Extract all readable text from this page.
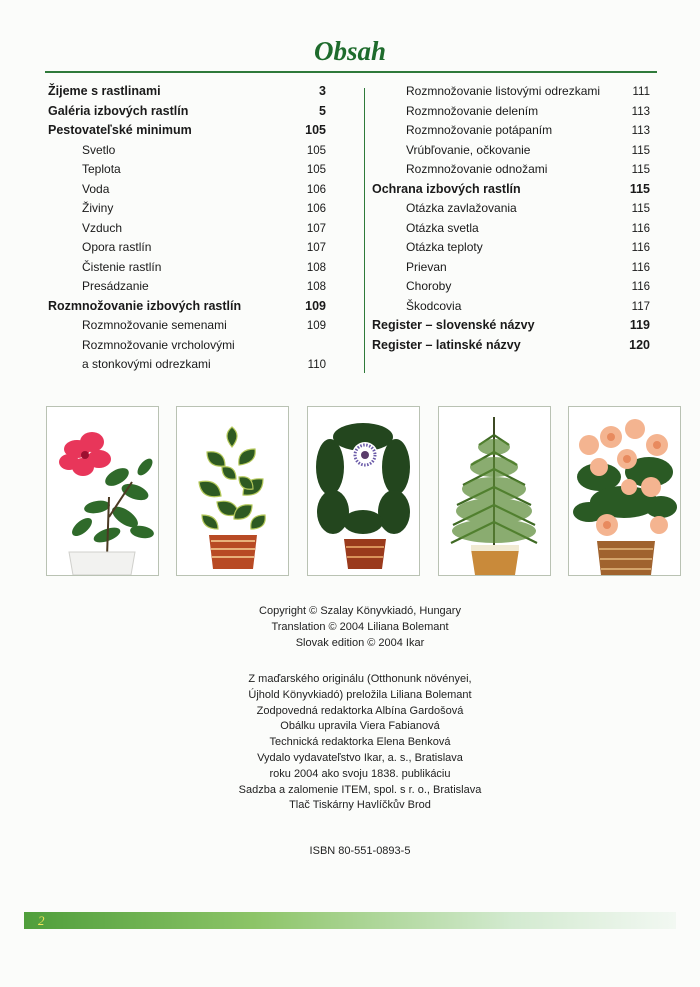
Obsah
Žijeme s rastlinami	3
Galéria izbových rastlín	5
Pestovateľské minimum	105
Svetlo	105
Teplota	105
Voda	106
Živiny	106
Vzduch	107
Opora rastlín	107
Čistenie rastlín	108
Presádzanie	108
Rozmnožovanie izbových rastlín	109
Rozmnožovanie semenami	109
Rozmnožovanie vrcholovými
a stonkovými odrezkami	110
Rozmnožovanie listovými odrezkami	111
Rozmnožovanie delením	113
Rozmnožovanie potápaním	113
Vrúbľovanie, očkovanie	115
Rozmnožovanie odnožami	115
Ochrana izbových rastlín	115
Otázka zavlažovania	115
Otázka svetla	116
Otázka teploty	116
Prievan	116
Choroby	116
Škodcovia	117
Register – slovenské názvy	119
Register – latinské názvy	120
Copyright © Szalay Könyvkiadó, Hungary
Translation © 2004 Liliana Bolemant
Slovak edition © 2004 Ikar
Z maďarského originálu (Otthonunk növényei,
Újhold Könyvkiadó) preložila Liliana Bolemant
Zodpovedná redaktorka Albína Gardošová
Obálku upravila Viera Fabianová
Technická redaktorka Elena Benková
Vydalo vydavateľstvo Ikar, a. s., Bratislava
roku 2004 ako svoju 1838. publikáciu
Sadzba a zalomenie ITEM, spol. s r. o., Bratislava
Tlač Tiskárny Havlíčkův Brod
ISBN 80-551-0893-5
2
